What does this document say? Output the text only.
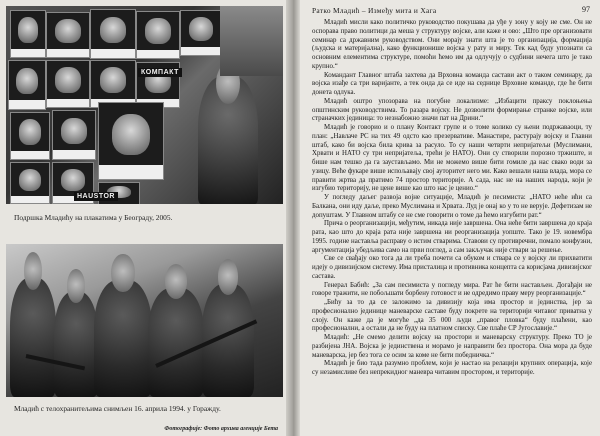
КОМПАКТ
HAUSTOR
Подршка Младићу на плакатима у Београду, 2005.
Младић с телохранитељима снимљен 16. априла 1994. у Горажду.
Фотографије: Фото архива агенције Бета
Ратко Младић – Између мита и Хага	97

Младић мисли како политичко руководство покушава да уђе у зону у коју не сме. Он не оспорава право политици да меша у структуру војске, али каже и ово: „Што пре организовати семинар са државним руководством. Они морају знати шта је то организација, формација (људска и материјална), како функционише војска у рату и миру. Тек кад буду упознати са основним елементима структуре, помоћи ћемо им да одлучују о судбини нечега што је тако крупно.“

Командант Главног штаба захтева да Врховна команда састави акт о таком семинару, да војска изађе са три варијанте, а тек онда да се иде на седнице Врховне команде, где ће бити донета одлука.

Младић оштро упозорава на погубне локализме: „Избацити праксу поклоњења општинским руководствима. То разара војску. Не дозволити формирање странке војске, или страначких јединица: то незнабожно значи пат на Дрини.“

Младић је говорио и о плану Контакт групе и о томе колико су њени подржаваоци, ту план: „Навлаче РС на тих 49 одсто као презервативе. Манастире, растурају војску и Главни штаб, како би војска била крива за расуло. То су наши четврти непријатељи (Муслимани, Хрвати и НАТО су три непријатеља, трећи је НАТО). Они су створили порозно тржиште, и бише нам тешко да га заустављамо. Ми не можемо више бити гомиле да нас свако води за узицу. Веће фукаре више испољавају свој ауторитет него ми. Како вешали наша влада, мора се правити жртва да пратимо 74 простор територије. А сада, нас не на наших народа, који је изгубио територију, не цене више као што нас је ценио.“

У погледу даљег развоја војне ситуације, Младић је песимиста: „НАТО неће ићи са Балкана, они иду даље, преко Муслимана и Хрвата. Луд је онај ко у то не верује. Дефетизам не допуштам. У Главном штабу се не сме говорити о томе да ћемо изгубити рат.“

Прича о реорганизацији, међутим, никада није завршена. Она неће бити завршена до краја рата, као што до краја рата није завршена ни реорганизација уопште. Тако је 19. новембра 1995. године наставља расправу о истим стварима. Ставови су противречни, помало конфузни, аргументација убедљива само на први поглед, а сам закључак није ствари за решење.

Све се свађају око тога да ли треба почети са обуком и ствара се у војску ли прихватити идеју о дивизијском систему. Има присталица и противника концепта са корисјама дивизијског састава.

Генерал Бабић: „За сам песимиста у погледу мира. Рат ће бити настављен. Догађаји не говоре тражити, не побољшати борбену готовост и не одредимо праву меру реорганизације.“

„Бићу за то да се заложимо за дивизију која има простор и јединства, јер за професионално јединице маневарске саставе буду покрете на територији читавог приватна у слоју. Он каже да је могуће „да 35 000 људи „правог пловка“ буду плаћени, као професионални, а остали да не буду на платном списку. Све плаће СР Југославије.“

Младић: „Не смемо делити војску на простори и маневарску структуру. Преко ТО је разбијена ЈНА. Војска је јединствена и морамо је направити без простора. Она мора да буде маневарска, јер без тога се осим за коме не бити победничка.“

Младић је био тада разумно проблем, који је настао на релацији крупних операција, које су незамисливе без непрекидног маневра читавим простором, и територије.
